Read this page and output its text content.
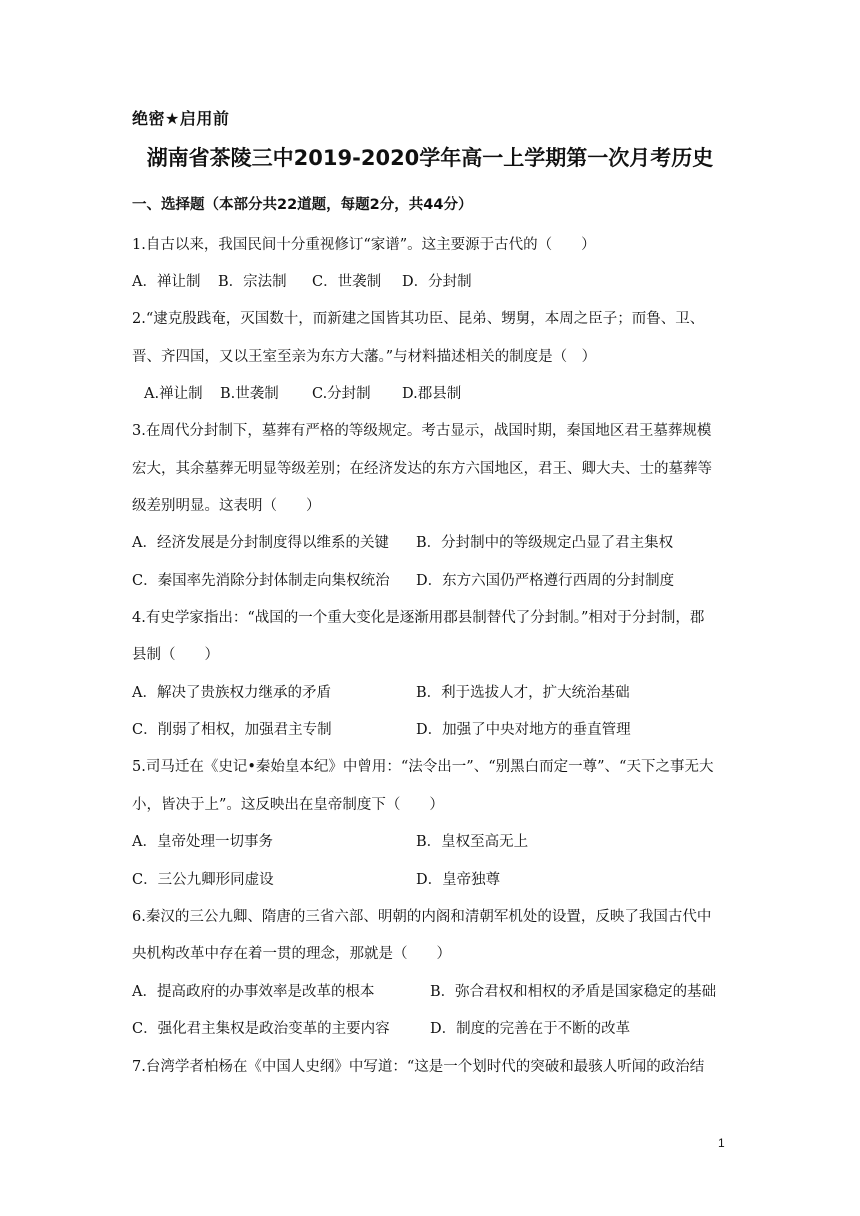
绝密★启用前
湖南省茶陵三中2019-2020学年高一上学期第一次月考历史
一、选择题（本部分共22道题，每题2分，共44分）
1.自古以来，我国民间十分重视修订“家谱”。这主要源于古代的（　　）
A．禅让制 B．宗法制 C．世袭制 D．分封制
2.“逮克殷践奄，灭国数十，而新建之国皆其功臣、昆弟、甥舅，本周之臣子；而鲁、卫、
晋、齐四国，又以王室至亲为东方大藩。”与材料描述相关的制度是（　）
A.禅让制 B.世袭制 C.分封制 D.郡县制
3.在周代分封制下，墓葬有严格的等级规定。考古显示，战国时期，秦国地区君王墓葬规模
宏大，其余墓葬无明显等级差别；在经济发达的东方六国地区，君王、卿大夫、士的墓葬等
级差别明显。这表明（　　）
A．经济发展是分封制度得以维系的关键 B．分封制中的等级规定凸显了君主集权
C．秦国率先消除分封体制走向集权统治 D．东方六国仍严格遵行西周的分封制度
4.有史学家指出：“战国的一个重大变化是逐渐用郡县制替代了分封制。”相对于分封制，郡
县制（　　）
A．解决了贵族权力继承的矛盾	B．利于选拔人才，扩大统治基础
C．削弱了相权，加强君主专制	D．加强了中央对地方的垂直管理
5.司马迁在《史记•秦始皇本纪》中曾用：“法令出一”、“别黑白而定一尊”、“天下之事无大
小，皆决于上”。这反映出在皇帝制度下（　　）
A．皇帝处理一切事务	B．皇权至高无上
C．三公九卿形同虚设	D．皇帝独尊
6.秦汉的三公九卿、隋唐的三省六部、明朝的内阁和清朝军机处的设置，反映了我国古代中
央机构改革中存在着一贯的理念，那就是（　　）
A．提高政府的办事效率是改革的根本	B．弥合君权和相权的矛盾是国家稳定的基础
C．强化君主集权是政治变革的主要内容	D．制度的完善在于不断的改革
7.台湾学者柏杨在《中国人史纲》中写道：“这是一个划时代的突破和最骇人听闻的政治结
1
